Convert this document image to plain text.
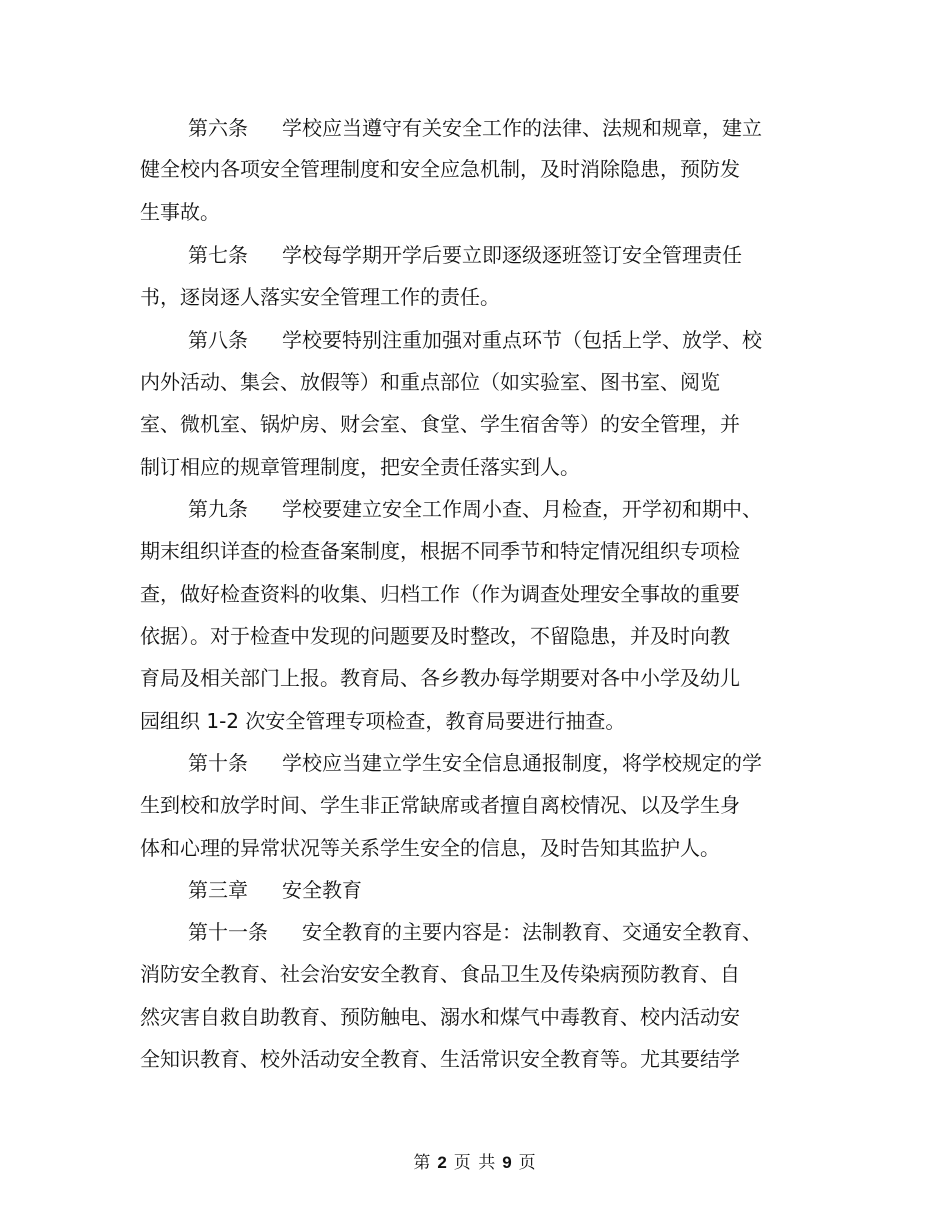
第六条 学校应当遵守有关安全工作的法律、法规和规章，建立
健全校内各项安全管理制度和安全应急机制，及时消除隐患，预防发
生事故。
第七条 学校每学期开学后要立即逐级逐班签订安全管理责任
书，逐岗逐人落实安全管理工作的责任。
第八条 学校要特别注重加强对重点环节（包括上学、放学、校
内外活动、集会、放假等）和重点部位（如实验室、图书室、阅览
室、微机室、锅炉房、财会室、食堂、学生宿舍等）的安全管理，并
制订相应的规章管理制度，把安全责任落实到人。
第九条 学校要建立安全工作周小查、月检查，开学初和期中、
期末组织详查的检查备案制度，根据不同季节和特定情况组织专项检
查，做好检查资料的收集、归档工作（作为调查处理安全事故的重要
依据）。对于检查中发现的问题要及时整改，不留隐患，并及时向教
育局及相关部门上报。教育局、各乡教办每学期要对各中小学及幼儿
园组织 1-2 次安全管理专项检查，教育局要进行抽查。
第十条 学校应当建立学生安全信息通报制度，将学校规定的学
生到校和放学时间、学生非正常缺席或者擅自离校情况、以及学生身
体和心理的异常状况等关系学生安全的信息，及时告知其监护人。
第三章 安全教育
第十一条 安全教育的主要内容是：法制教育、交通安全教育、
消防安全教育、社会治安安全教育、食品卫生及传染病预防教育、自
然灾害自救自助教育、预防触电、溺水和煤气中毒教育、校内活动安
全知识教育、校外活动安全教育、生活常识安全教育等。尤其要结学
第 2 页 共 9 页
